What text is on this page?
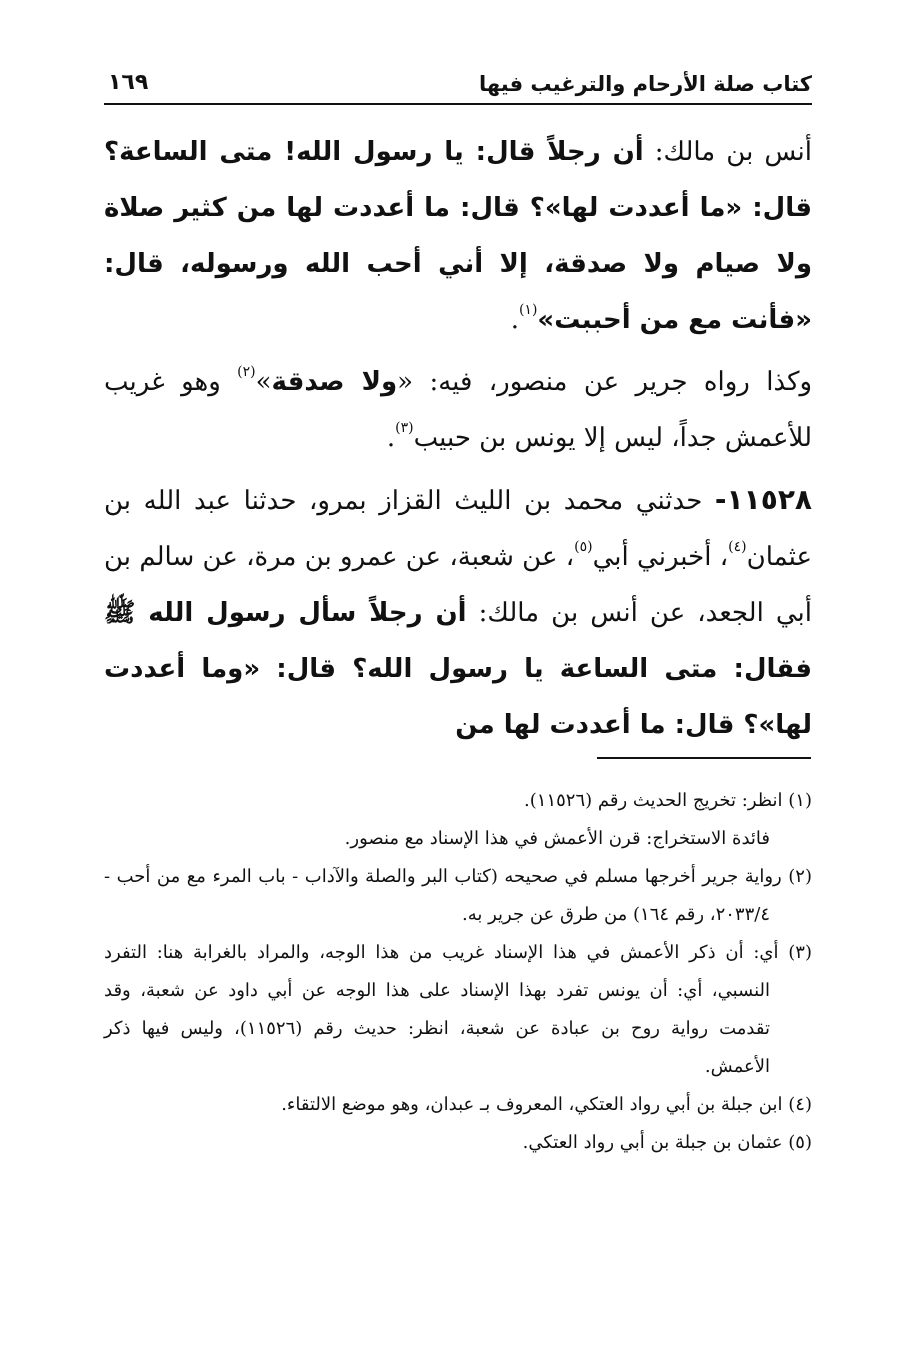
كتاب صلة الأرحام والترغيب فيها
١٦٩

أنس بن مالك: أن رجلاً قال: يا رسول الله! متى الساعة؟ قال: «ما أعددت لها»؟ قال: ما أعددت لها من كثير صلاة ولا صيام ولا صدقة، إلا أني أحب الله ورسوله، قال: «فأنت مع من أحببت»$^{(١)}$.

وكذا رواه جرير عن منصور، فيه: «ولا صدقة»$^{(٢)}$ وهو غريب للأعمش جداً، ليس إلا يونس بن حبيب$^{(٣)}$.

١١٥٢٨- حدثني محمد بن الليث القزاز بمرو، حدثنا عبد الله بن عثمان$^{(٤)}$، أخبرني أبي$^{(٥)}$، عن شعبة، عن عمرو بن مرة، عن سالم بن أبي الجعد، عن أنس بن مالك: أن رجلاً سأل رسول الله ﷺ فقال: متى الساعة يا رسول الله؟ قال: «وما أعددت لها»؟ قال: ما أعددت لها من

(١) انظر: تخريج الحديث رقم (١١٥٢٦).

فائدة الاستخراج: قرن الأعمش في هذا الإسناد مع منصور.

(٢) رواية جرير أخرجها مسلم في صحيحه (كتاب البر والصلة والآداب - باب المرء مع من أحب - ٢٠٣٣/٤، رقم ١٦٤) من طرق عن جرير به.

(٣) أي: أن ذكر الأعمش في هذا الإسناد غريب من هذا الوجه، والمراد بالغرابة هنا: التفرد النسبي، أي: أن يونس تفرد بهذا الإسناد على هذا الوجه عن أبي داود عن شعبة، وقد تقدمت رواية روح بن عبادة عن شعبة، انظر: حديث رقم (١١٥٢٦)، وليس فيها ذكر الأعمش.

(٤) ابن جبلة بن أبي رواد العتكي، المعروف بـ عبدان، وهو موضع الالتقاء.

(٥) عثمان بن جبلة بن أبي رواد العتكي.
